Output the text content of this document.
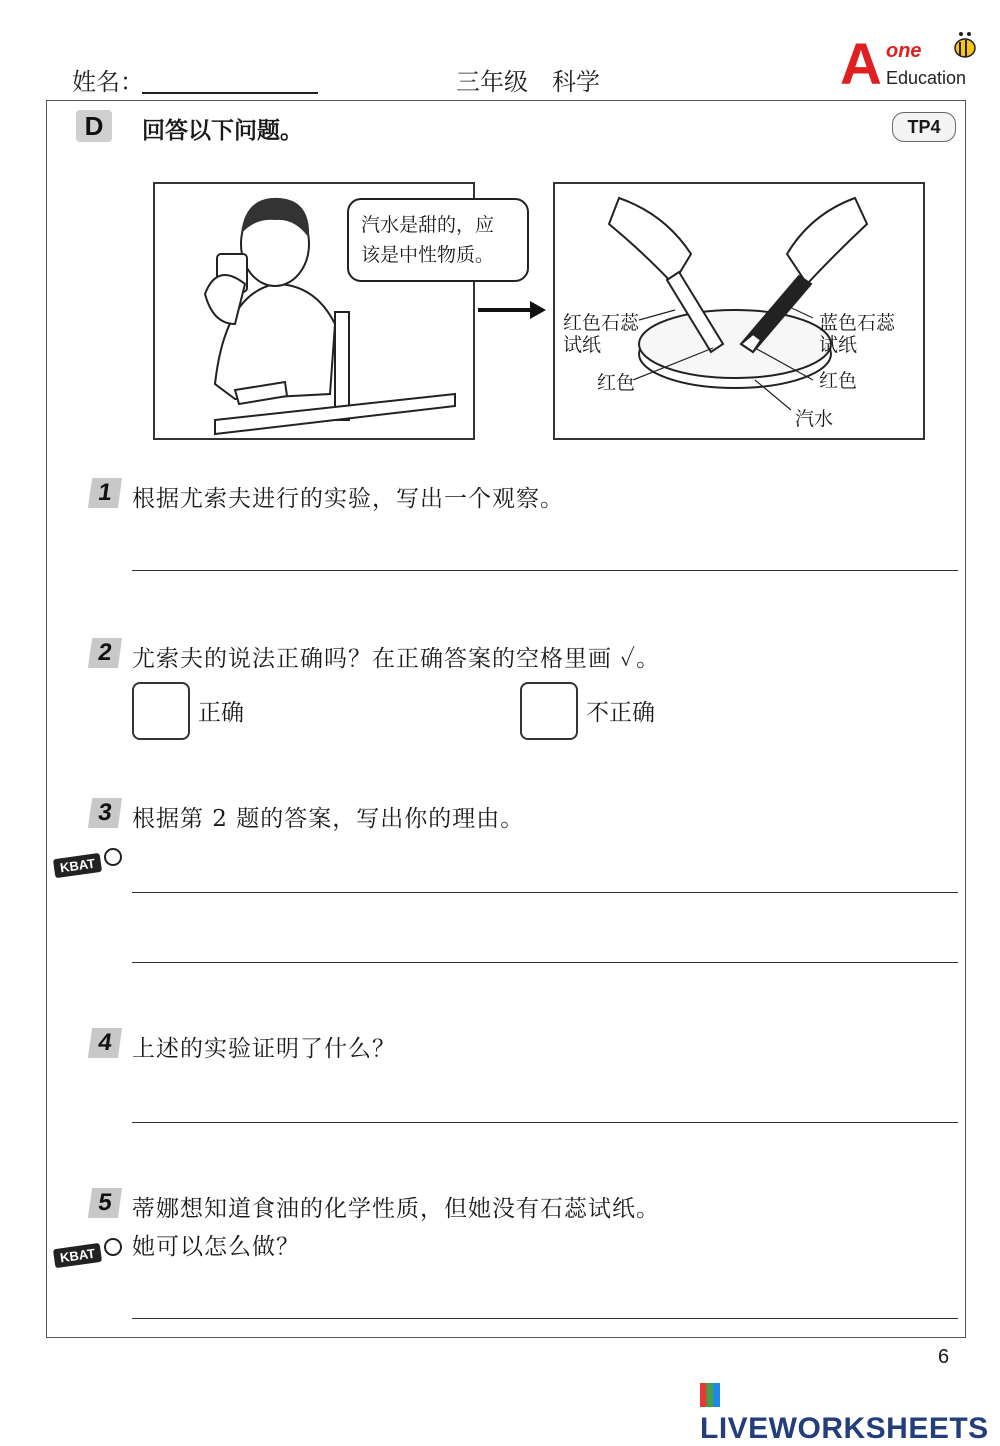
姓名：	三年级　科学	A one
Education
D	回答以下问题。	TP4
汽水是甜的，应
该是中性物质。
红色石蕊
试纸
红色
蓝色石蕊
试纸
红色
汽水
1 根据尤索夫进行的实验，写出一个观察。
2 尤索夫的说法正确吗？在正确答案的空格里画 ✓。
正确	不正确
3 根据第 2 题的答案，写出你的理由。
KBAT
4 上述的实验证明了什么？
5 蒂娜想知道食油的化学性质，但她没有石蕊试纸。
她可以怎么做？
KBAT
6
LIVEWORKSHEETS
